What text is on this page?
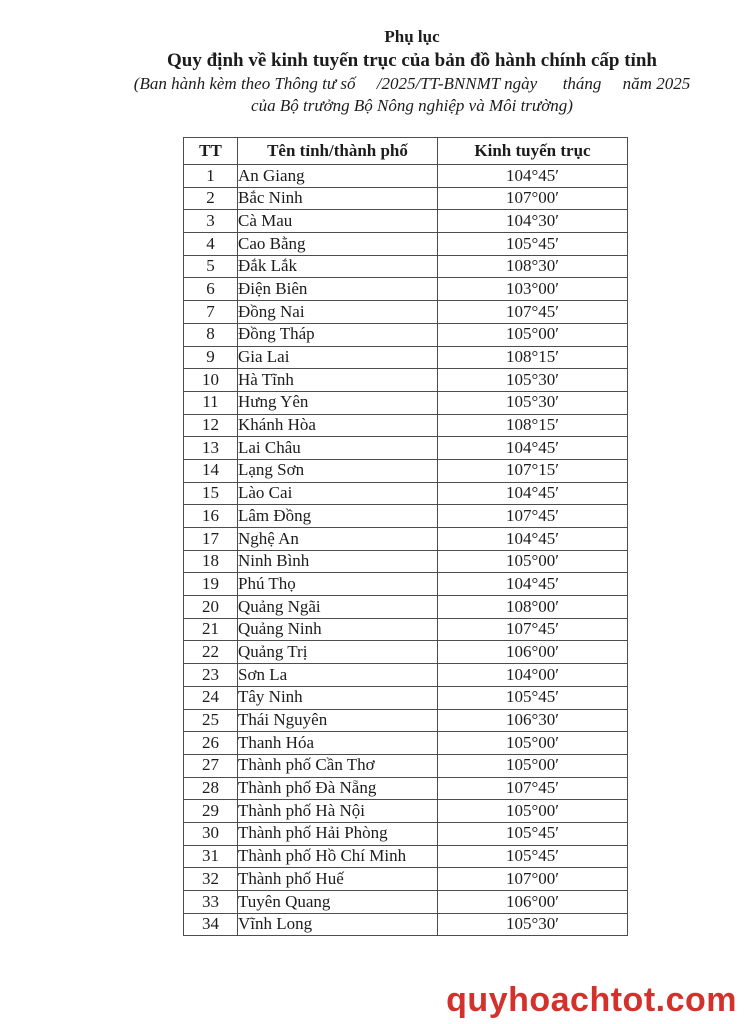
Phụ lục
Quy định về kinh tuyến trục của bản đồ hành chính cấp tỉnh
(Ban hành kèm theo Thông tư số     /2025/TT-BNNMT ngày      tháng     năm 2025
của Bộ trưởng Bộ Nông nghiệp và Môi trường)
TT	Tên tỉnh/thành phố	Kinh tuyến trục
1	An Giang	104°45′
2	Bắc Ninh	107°00′
3	Cà Mau	104°30′
4	Cao Bằng	105°45′
5	Đắk Lắk	108°30′
6	Điện Biên	103°00′
7	Đồng Nai	107°45′
8	Đồng Tháp	105°00′
9	Gia Lai	108°15′
10	Hà Tĩnh	105°30′
11	Hưng Yên	105°30′
12	Khánh Hòa	108°15′
13	Lai Châu	104°45′
14	Lạng Sơn	107°15′
15	Lào Cai	104°45′
16	Lâm Đồng	107°45′
17	Nghệ An	104°45′
18	Ninh Bình	105°00′
19	Phú Thọ	104°45′
20	Quảng Ngãi	108°00′
21	Quảng Ninh	107°45′
22	Quảng Trị	106°00′
23	Sơn La	104°00′
24	Tây Ninh	105°45′
25	Thái Nguyên	106°30′
26	Thanh Hóa	105°00′
27	Thành phố Cần Thơ	105°00′
28	Thành phố Đà Nẵng	107°45′
29	Thành phố Hà Nội	105°00′
30	Thành phố Hải Phòng	105°45′
31	Thành phố Hồ Chí Minh	105°45′
32	Thành phố Huế	107°00′
33	Tuyên Quang	106°00′
34	Vĩnh Long	105°30′
quyhoachtot.com
